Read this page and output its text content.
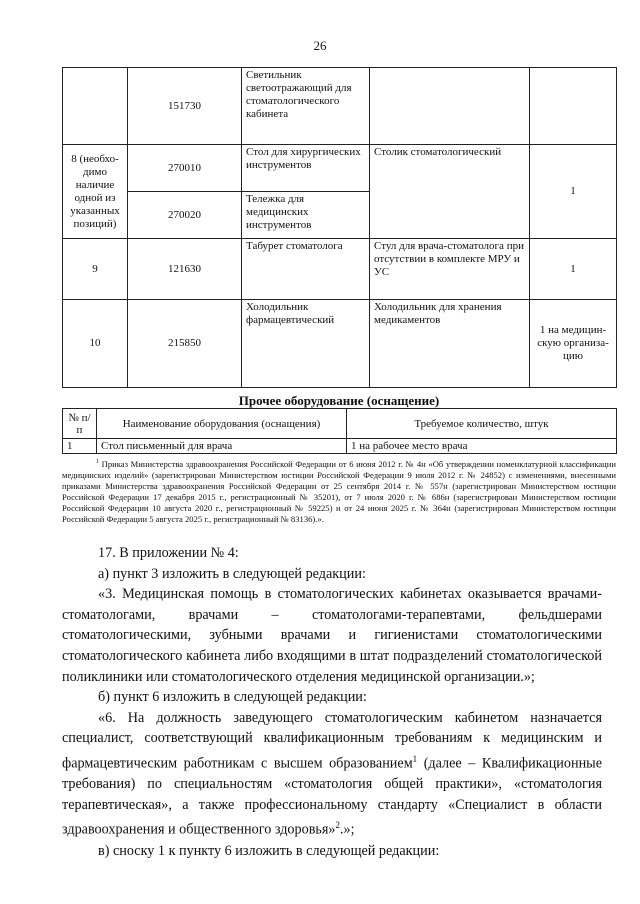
26
	151730	Светильник светоотражающий для стоматологического кабинета		
8 (необхо-димо наличие одной из указанных позиций)	270010	Стол для хирургических инструментов	Столик стоматологический	1
	270020	Тележка для медицинских инструментов		
9	121630	Табурет стоматолога	Стул для врача-стоматолога при отсутствии в комплекте МРУ и УС	1
10	215850	Холодильник фармацевтический	Холодильник для хранения медикаментов	1 на медицин-скую организа-цию
Прочее оборудование (оснащение)
№ п/п	Наименование оборудования (оснащения)	Требуемое количество, штук
1	Стол письменный для врача	1 на рабочее место врача

$^1$ Приказ Министерства здравоохранения Российской Федерации от 6 июня 2012 г. № 4н «Об утверждении номенклатурной классификации медицинских изделий» (зарегистрирован Министерством юстиции Российской Федерации 9 июля 2012 г. № 24852) с изменениями, внесенными приказами Министерства здравоохранения Российской Федерации от 25 сентября 2014 г. № 557н (зарегистрирован Министерством юстиции Российской Федерации 17 декабря 2015 г., регистрационный № 35201), от 7 июля 2020 г. № 686н (зарегистрирован Министерством юстиции Российской Федерации 10 августа 2020 г., регистрационный № 59225) и от 24 июня 2025 г. № 364н (зарегистрирован Министерством юстиции Российской Федерации 5 августа 2025 г., регистрационный № 83136).».

17. В приложении № 4:

а) пункт 3 изложить в следующей редакции:

«3. Медицинская помощь в стоматологических кабинетах оказывается врачами-стоматологами, врачами – стоматологами-терапевтами, фельдшерами стоматологическими, зубными врачами и гигиенистами стоматологическими стоматологического кабинета либо входящими в штат подразделений стоматологической поликлиники или стоматологического отделения медицинской организации.»;

б) пункт 6 изложить в следующей редакции:

«6. На должность заведующего стоматологическим кабинетом назначается специалист, соответствующий квалификационным требованиям к медицинским и фармацевтическим работникам с высшем образованием$^1$ (далее – Квалификационные требования) по специальностям «стоматология общей практики», «стоматология терапевтическая», а также профессиональному стандарту «Специалист в области здравоохранения и общественного здоровья»$^2$.»;

в) сноску 1 к пункту 6 изложить в следующей редакции:
